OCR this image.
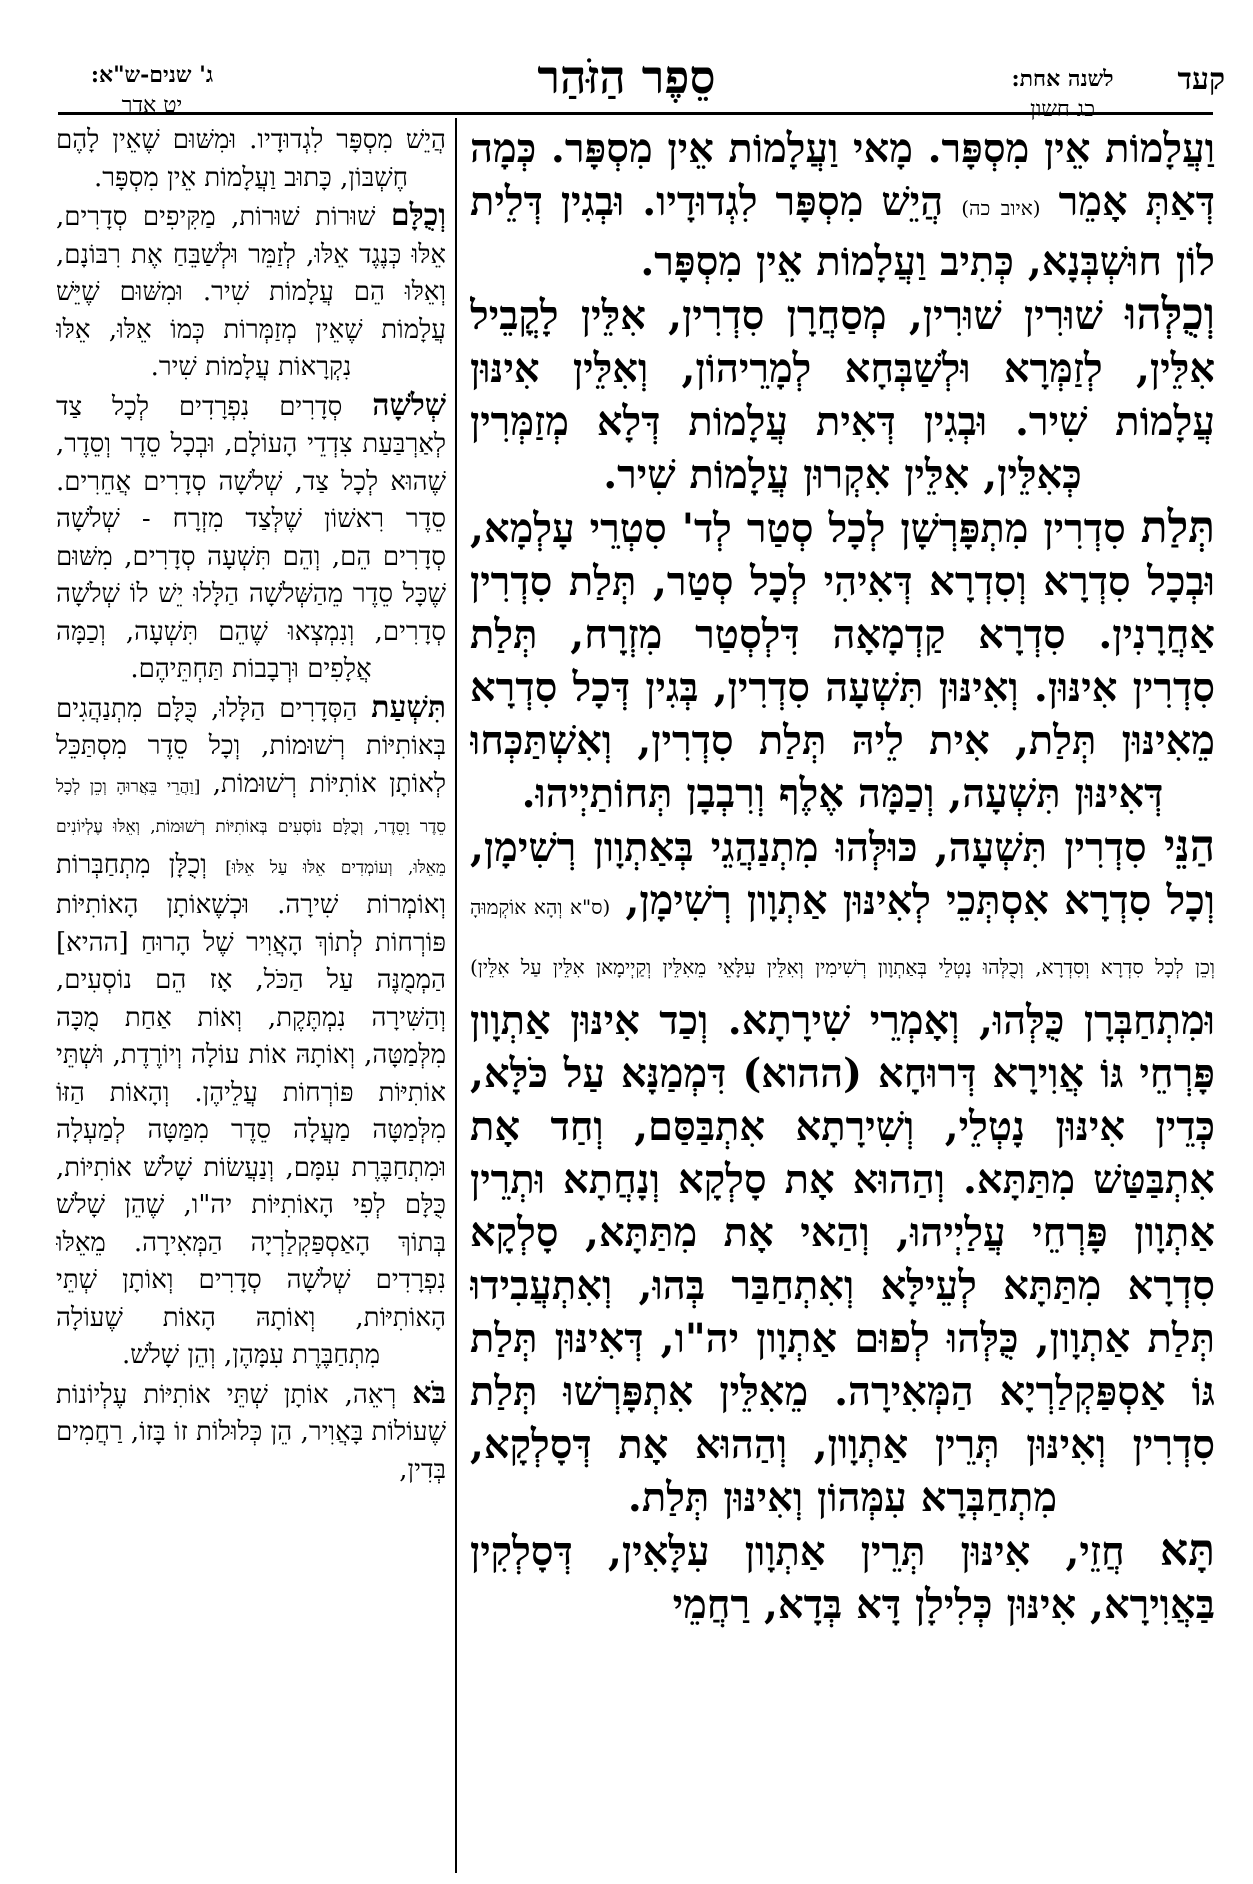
קעד
לשנה אחת:
כג חשון
סֵפֶר הַזֹּהַר
ג' שנים-ש"א:
יט אדר

וַעֲלָמוֹת אֵין מִסְפָּר. מָאי וַעֲלָמוֹת אֵין מִסְפָּר. כְּמָה דְּאַתְּ אָמֵר (איוב כה) הֲיֵשׁ מִסְפָּר לִגְדוּדָיו. וּבְגִין דְּלֵית לוֹן חוּשְׁבְּנָא, כְּתִיב וַעֲלָמוֹת אֵין מִסְפָּר.

וְכֻלְּהוּ שׁוּרִין שׁוּרִין, מְסַחֲרָן סִדְרִין, אִלֵּין לָקֳבֵיל אִלֵּין, לְזַמְּרָא וּלְשַׁבְּחָא לְמָרֵיהוֹן, וְאִלֵּין אִינּוּן עֲלָמוֹת שִׁיר. וּבְגִין דְּאִית עֲלָמוֹת דְּלָא מְזַמְּרִין כְּאִלֵּין, אִלֵּין אִקְרוּן עֲלָמוֹת שִׁיר.

תְּלַת סִדְרִין מִתְפָּרְשָׁן לְכָל סְטַר לְד' סִטְרֵי עָלְמָא, וּבְכָל סִדְרָא וְסִדְרָא דְּאִיהִי לְכָל סְטַר, תְּלַת סִדְרִין אַחֲרָנִין. סִדְרָא קַדְמָאָה דִּלְסְטַר מִזְרָח, תְּלַת סִדְרִין אִינּוּן. וְאִינּוּן תִּשְׁעָה סִדְרִין, בְּגִין דְּכָל סִדְרָא מֵאִינּוּן תְּלַת, אִית לֵיהּ תְּלַת סִדְרִין, וְאִשְׁתַּכְּחוּ דְּאִינּוּן תִּשְׁעָה, וְכַמָּה אֶלֶף וְרִבְבָן תְּחוֹתַיְיהוּ.

הַנֵּי סִדְרִין תִּשְׁעָה, כּוּלְּהוּ מִתְנַהֲגֵי בְּאַתְוָון רְשִׁימָן, וְכָל סִדְרָא אִסְתְּכֵי לְאִינּוּן אַתְוָון רְשִׁימָן, (ס"א וְהָא אוֹקְמוּהָ וְכֵן לְכָל סִדְרָא וְסִדְרָא, וְכֻלְּהוּ נָטְלֵי בְּאַתְוָון רְשִׁימִין וְאִלֵּין עִלָּאֵי מֵאִלֵּין וְקַיְימָאן אִלֵּין עַל אִלֵּין) וּמִתְחַבְּרָן כֻּלְּהוּ, וְאָמְרֵי שִׁירָתָא. וְכַד אִינּוּן אַתְוָון פָּרְחֵי גּוֹ אֲוִירָא דְּרוּחָא (ההוא) דִּמְמַנָּא עַל כֹּלָּא, כְּדֵין אִינּוּן נָטְלֵי, וְשִׁירָתָא אִתְבַּסַּם, וְחַד אָת אִתְבַּטַּשׁ מִתַּתָּא. וְהַהוּא אָת סָלְקָא וְנָחֲתָא וּתְרֵין אַתְוָון פָּרְחֵי עֲלַיְיהוּ, וְהַאי אָת מִתַּתָּא, סָלְקָא סִדְרָא מִתַּתָּא לְעֵילָּא וְאִתְחַבַּר בְּהוּ, וְאִתְעֲבִידוּ תְּלַת אַתְוָון, כֻּלְּהוּ לְפוּם אַתְוָון יה"ו, דְּאִינּוּן תְּלַת גּוֹ אַסְפַּקְלַרְיָא הַמְּאִירָה. מֵאִלֵּין אִתְפָּרְשׁוּ תְּלַת סִדְרִין וְאִינּוּן תְּרֵין אַתְוָון, וְהַהוּא אָת דְּסָלְקָא, מִתְחַבְּרָא עִמְּהוֹן וְאִינּוּן תְּלַת.

תָּא חֲזֵי, אִינּוּן תְּרֵין אַתְוָון עִלָּאִין, דְּסָלְקִין בַּאֲוִירָא, אִינּוּן כְּלִילָן דָּא בְּדָא, רַחֲמֵי

הֲיֵשׁ מִסְפָּר לִגְדוּדָיו. וּמִשּׁוּם שֶׁאֵין לָהֶם חֶשְׁבּוֹן, כָּתוּב וַעֲלָמוֹת אֵין מִסְפָּר.

וְכֻלָּם שׁוּרוֹת שׁוּרוֹת, מַקִּיפִים סְדָרִים, אֵלּוּ כְּנֶגֶד אֵלּוּ, לְזַמֵּר וּלְשַׁבֵּחַ אֶת רִבּוֹנָם, וְאֵלּוּ הֵם עֲלָמוֹת שִׁיר. וּמִשּׁוּם שֶׁיֵּשׁ עֲלָמוֹת שֶׁאֵין מְזַמְּרוֹת כְּמוֹ אֵלּוּ, אֵלּוּ נִקְרָאוֹת עֲלָמוֹת שִׁיר.

שְׁלֹשָׁה סְדָרִים נִפְרָדִים לְכָל צַד לְאַרְבַּעַת צִדְדֵי הָעוֹלָם, וּבְכָל סֵדֶר וְסֵדֶר, שֶׁהוּא לְכָל צַד, שְׁלֹשָׁה סְדָרִים אֲחֵרִים. סֵדֶר רִאשׁוֹן שֶׁלְּצַד מִזְרָח - שְׁלֹשָׁה סְדָרִים הֵם, וְהֵם תִּשְׁעָה סְדָרִים, מִשּׁוּם שֶׁכָּל סֵדֶר מֵהַשְּׁלֹשָׁה הַלָּלוּ יֵשׁ לוֹ שְׁלֹשָׁה סְדָרִים, וְנִמְצְאוּ שֶׁהֵם תִּשְׁעָה, וְכַמָּה אֲלָפִים וּרְבָבוֹת תַּחְתֵּיהֶם.

תִּשְׁעַת הַסְּדָרִים הַלָּלוּ, כֻּלָּם מִתְנַהֲגִים בְּאוֹתִיּוֹת רְשׁוּמוֹת, וְכָל סֵדֶר מִסְתַּכֵּל לְאוֹתָן אוֹתִיּוֹת רְשׁוּמוֹת, [וַהֲרֵי בֵּאֲרוּהָ וְכֵן לְכָל סֵדֶר וָסֵדֶר, וְכֻלָּם נוֹסְעִים בְּאוֹתִיּוֹת רְשׁוּמוֹת, וְאֵלּוּ עֶלְיוֹנִים מֵאֵלּוּ, וְעוֹמְדִים אֵלּוּ עַל אֵלּוּ] וְכֻלָּן מִתְחַבְּרוֹת וְאוֹמְרוֹת שִׁירָה. וּכְשֶׁאוֹתָן הָאוֹתִיּוֹת פּוֹרְחוֹת לְתוֹךְ הָאֲוִיר שֶׁל הָרוּחַ [ההיא] הַמְמֻנֶּה עַל הַכֹּל, אָז הֵם נוֹסְעִים, וְהַשִּׁירָה נִמְתֶּקֶת, וְאוֹת אַחַת מֻכָּה מִלְּמַטָּה, וְאוֹתָהּ אוֹת עוֹלָה וְיוֹרֶדֶת, וּשְׁתֵּי אוֹתִיּוֹת פּוֹרְחוֹת עֲלֵיהֶן. וְהָאוֹת הַזּוֹ מִלְּמַטָּה מַעֲלָה סֵדֶר מִמַּטָּה לְמַעְלָה וּמִתְחַבֶּרֶת עִמָּם, וְנַעֲשׂוֹת שָׁלֹשׁ אוֹתִיּוֹת, כֻּלָּם לְפִי הָאוֹתִיּוֹת יה"ו, שֶׁהֵן שָׁלֹשׁ בְּתוֹךְ הָאַסְפַּקְלַרְיָה הַמְּאִירָה. מֵאֵלּוּ נִפְרָדִים שְׁלֹשָׁה סְדָרִים וְאוֹתָן שְׁתֵּי הָאוֹתִיּוֹת, וְאוֹתָהּ הָאוֹת שֶׁעוֹלָה מִתְחַבֶּרֶת עִמָּהֶן, וְהֵן שָׁלֹשׁ.

בֹּא רְאֵה, אוֹתָן שְׁתֵּי אוֹתִיּוֹת עֶלְיוֹנוֹת שֶׁעוֹלוֹת בָּאֲוִיר, הֵן כְּלוּלוֹת זוֹ בָּזוֹ, רַחֲמִים בְּדִין,
